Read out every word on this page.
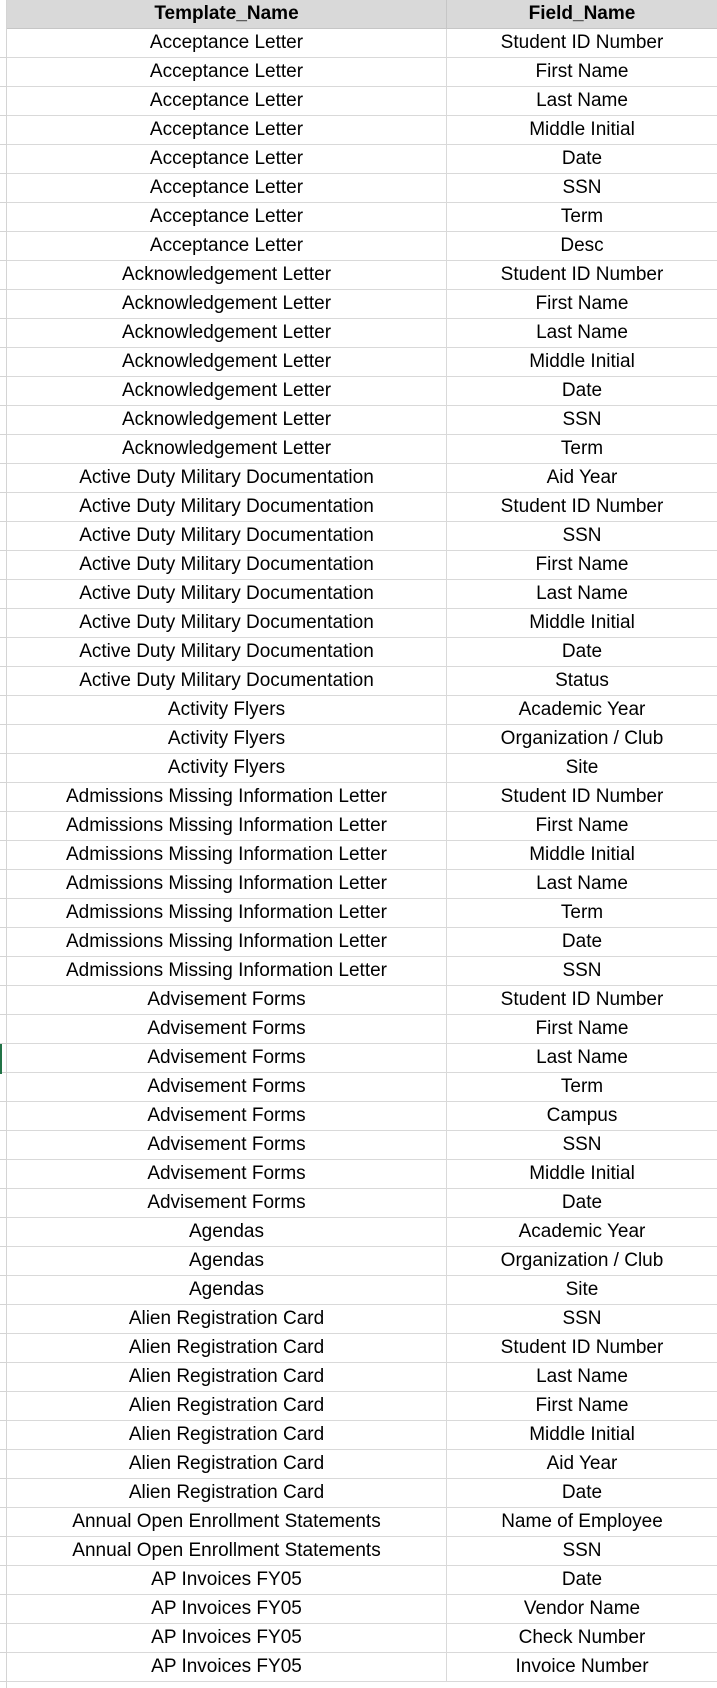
Template_Name	Field_Name
Acceptance Letter	Student ID Number
Acceptance Letter	First Name
Acceptance Letter	Last Name
Acceptance Letter	Middle Initial
Acceptance Letter	Date
Acceptance Letter	SSN
Acceptance Letter	Term
Acceptance Letter	Desc
Acknowledgement Letter	Student ID Number
Acknowledgement Letter	First Name
Acknowledgement Letter	Last Name
Acknowledgement Letter	Middle Initial
Acknowledgement Letter	Date
Acknowledgement Letter	SSN
Acknowledgement Letter	Term
Active Duty Military Documentation	Aid Year
Active Duty Military Documentation	Student ID Number
Active Duty Military Documentation	SSN
Active Duty Military Documentation	First Name
Active Duty Military Documentation	Last Name
Active Duty Military Documentation	Middle Initial
Active Duty Military Documentation	Date
Active Duty Military Documentation	Status
Activity Flyers	Academic Year
Activity Flyers	Organization / Club
Activity Flyers	Site
Admissions Missing Information Letter	Student ID Number
Admissions Missing Information Letter	First Name
Admissions Missing Information Letter	Middle Initial
Admissions Missing Information Letter	Last Name
Admissions Missing Information Letter	Term
Admissions Missing Information Letter	Date
Admissions Missing Information Letter	SSN
Advisement Forms	Student ID Number
Advisement Forms	First Name
Advisement Forms	Last Name
Advisement Forms	Term
Advisement Forms	Campus
Advisement Forms	SSN
Advisement Forms	Middle Initial
Advisement Forms	Date
Agendas	Academic Year
Agendas	Organization / Club
Agendas	Site
Alien Registration Card	SSN
Alien Registration Card	Student ID Number
Alien Registration Card	Last Name
Alien Registration Card	First Name
Alien Registration Card	Middle Initial
Alien Registration Card	Aid Year
Alien Registration Card	Date
Annual Open Enrollment Statements	Name of Employee
Annual Open Enrollment Statements	SSN
AP Invoices FY05	Date
AP Invoices FY05	Vendor Name
AP Invoices FY05	Check Number
AP Invoices FY05	Invoice Number
